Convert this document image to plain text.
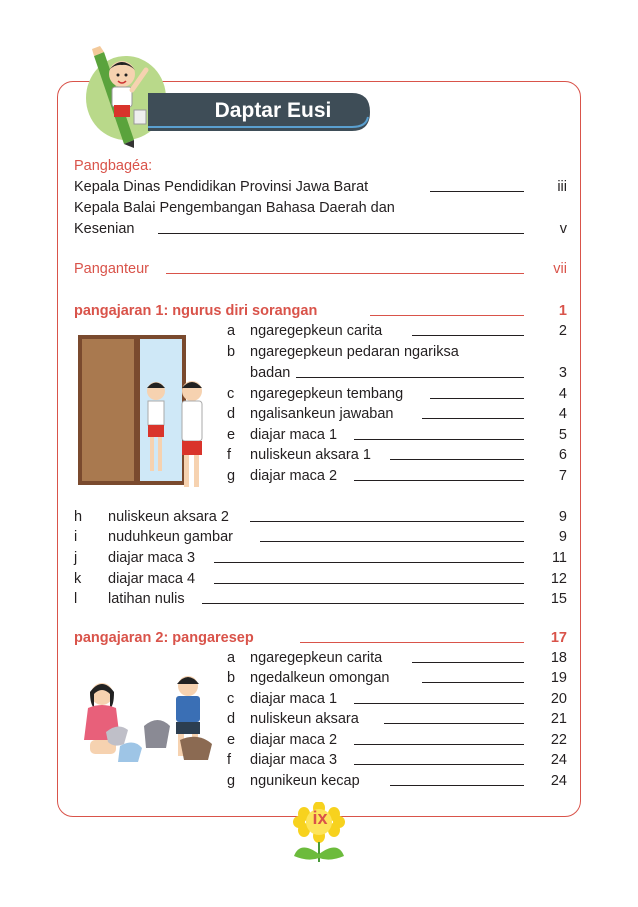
Daptar Eusi
Pangbagéa:
Kepala Dinas Pendidikan Provinsi Jawa Barat	iii
Kepala Balai Pengembangan Bahasa Daerah dan
Kesenian	v
Panganteur	vii
pangajaran 1: ngurus diri sorangan	1
a ngaregepkeun carita	2
b ngaregepkeun pedaran ngariksa
badan	3
c ngaregepkeun tembang	4
d ngalisankeun jawaban	4
e diajar maca 1	5
f nuliskeun aksara 1	6
g diajar maca 2	7
h nuliskeun aksara 2	9
i nuduhkeun gambar	9
j diajar maca 3	11
k diajar maca 4	12
l latihan nulis	15
pangajaran 2: pangaresep	17
a ngaregepkeun carita	18
b ngedalkeun omongan	19
c diajar maca 1	20
d nuliskeun aksara	21
e diajar maca 2	22
f diajar maca 3	24
g ngunikeun kecap	24
ix
